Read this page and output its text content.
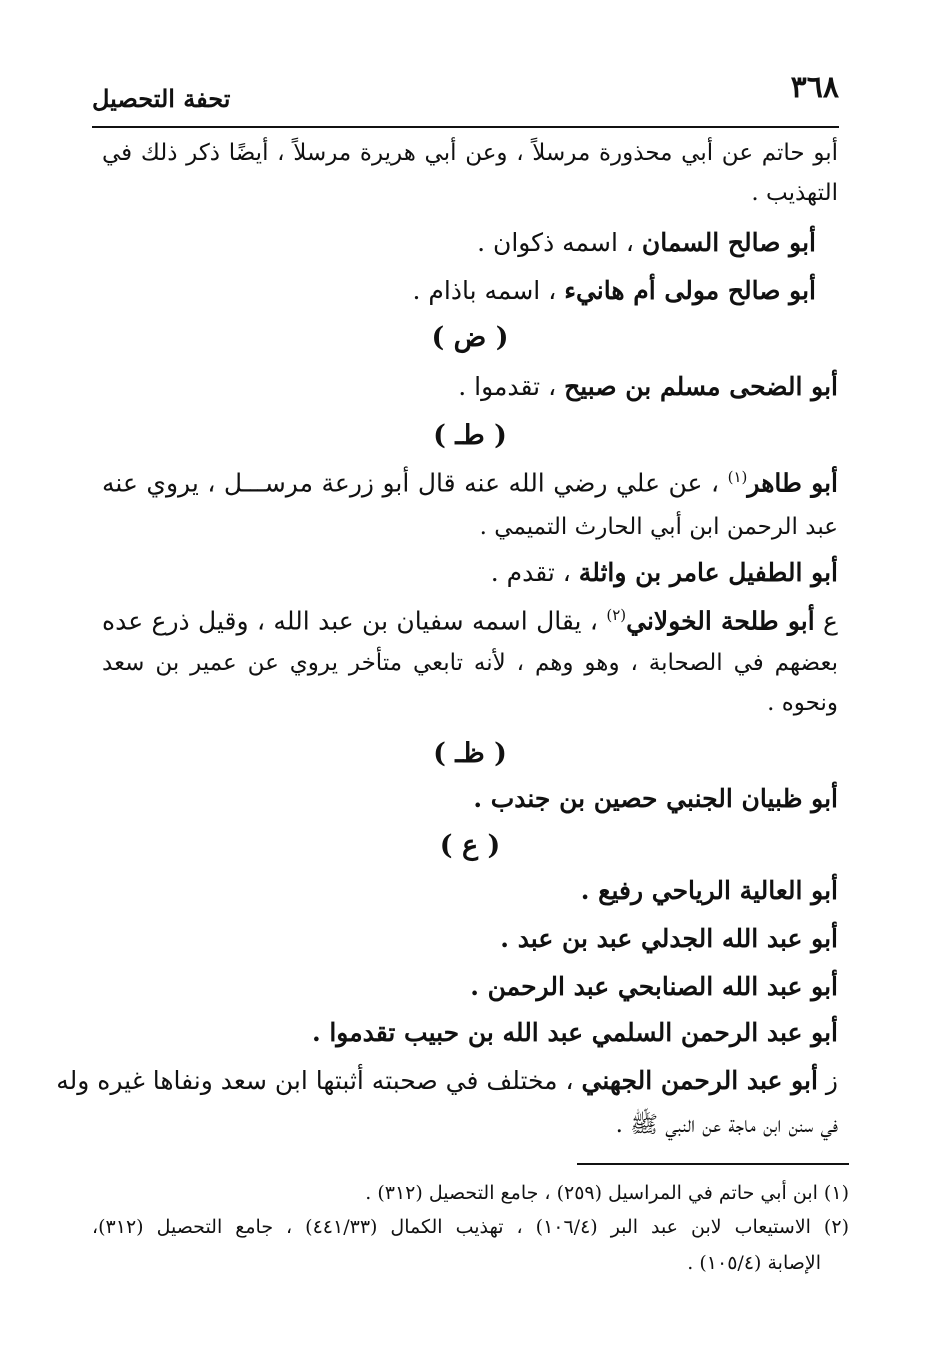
٣٦٨
تحفة التحصيل
أبو حاتم عن أبي محذورة مرسلاً ، وعن أبي هريرة مرسلاً ، أيضًا ذكر ذلك في
التهذيب .
أبو صالح السمان ، اسمه ذكوان .
أبو صالح مولى أم هانيء ، اسمه باذام .
( ض )
أبو الضحى مسلم بن صبيح ، تقدموا .
( طـ )
أبو طاهر$^{(١)}$ ، عن علي رضي الله عنه قال أبو زرعة مرســـل ، يروي عنه
عبد الرحمن ابن أبي الحارث التميمي .
أبو الطفيل عامر بن واثلة ، تقدم .
ع أبو طلحة الخولاني$^{(٢)}$ ، يقال اسمه سفيان بن عبد الله ، وقيل ذرع عده
بعضهم في الصحابة ، وهو وهم ، لأنه تابعي متأخر يروي عن عمير بن سعد
ونحوه .
( ظـ )
أبو ظبيان الجنبي حصين بن جندب .
( ع )
أبو العالية الرياحي رفيع .
أبو عبد الله الجدلي عبد بن عبد .
أبو عبد الله الصنابحي عبد الرحمن .
أبو عبد الرحمن السلمي عبد الله بن حبيب تقدموا .
ز أبو عبد الرحمن الجهني ، مختلف في صحبته أثبتها ابن سعد ونفاها غيره وله
في سنن ابن ماجة عن النبي ﷺ .
(١) ابن أبي حاتم في المراسيل (٢٥٩) ، جامع التحصيل (٣١٢) .
(٢) الاستيعاب لابن عبد البر (١٠٦/٤) ، تهذيب الكمال (٤٤١/٣٣) ، جامع التحصيل (٣١٢)،
الإصابة (١٠٥/٤) .
